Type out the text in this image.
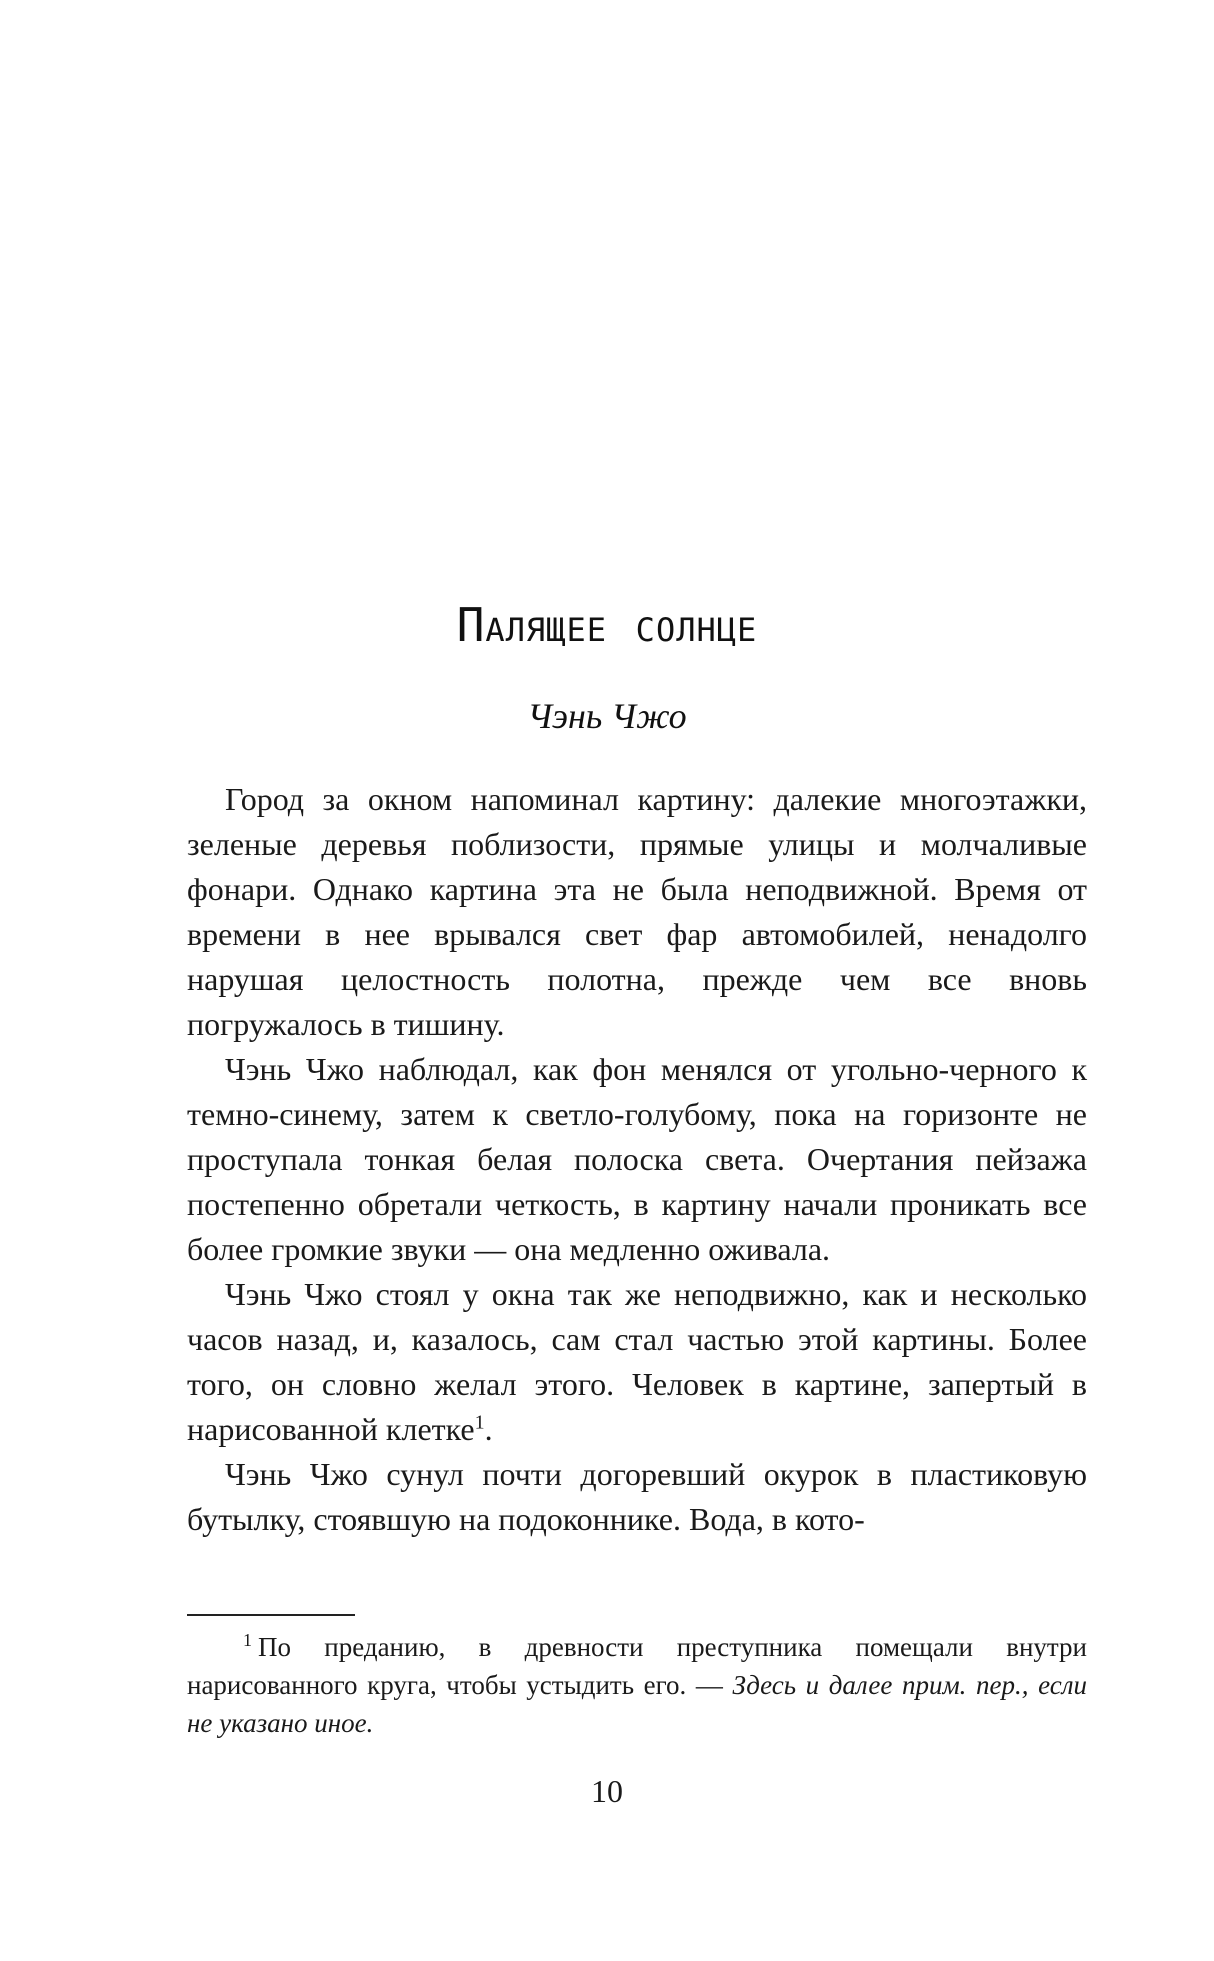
Палящее солнце
Чэнь Чжо

Город за окном напоминал картину: далекие многоэтажки, зеленые деревья поблизости, прямые улицы и молчаливые фонари. Однако картина эта не была неподвижной. Время от времени в нее врывался свет фар автомобилей, ненадолго нарушая целостность полотна, прежде чем все вновь погружалось в тишину.

Чэнь Чжо наблюдал, как фон менялся от угольно-черного к темно-синему, затем к светло-голубому, пока на горизонте не проступала тонкая белая полоска света. Очертания пейзажа постепенно обретали четкость, в картину начали проникать все более громкие звуки — она медленно оживала.

Чэнь Чжо стоял у окна так же неподвижно, как и несколько часов назад, и, казалось, сам стал частью этой картины. Более того, он словно желал этого. Человек в картине, запертый в нарисованной клетке$^1$.

Чэнь Чжо сунул почти догоревший окурок в пластиковую бутылку, стоявшую на подоконнике. Вода, в кото-

$^1$ По преданию, в древности преступника помещали внутри нарисованного круга, чтобы устыдить его. — Здесь и далее прим. пер., если не указано иное.
10
